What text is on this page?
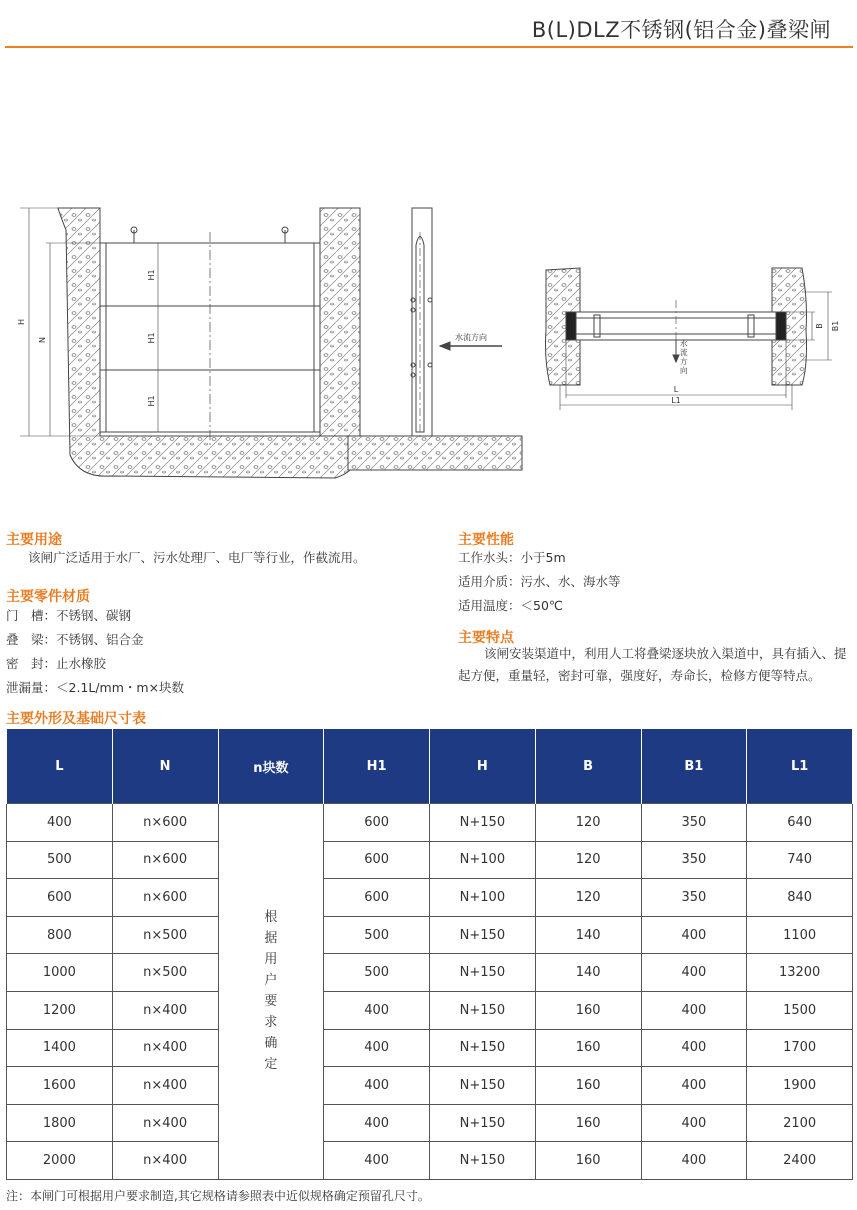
B(L)DLZ不锈钢(铝合金)叠梁闸
H
N
H1
H1
H1
水流方向
水流方向
L
L1
B B1
主要用途
该闸广泛适用于水厂、污水处理厂、电厂等行业，作截流用。
主要零件材质
门　槽：不锈钢、碳钢
叠　梁：不锈钢、铝合金
密　封：止水橡胶
泄漏量：＜2.1L/mm・m×块数
主要性能
工作水头：小于5m
适用介质：污水、水、海水等
适用温度：＜50℃
主要特点
该闸安装渠道中，利用人工将叠梁逐块放入渠道中，具有插入、提起方便，重量轻，密封可靠，强度好，寿命长，检修方便等特点。
主要外形及基础尺寸表
L	N	n块数	H1	H	B	B1	L1
400	n×600	根据用户要求确定	600	N+150	120	350	640
500	n×600		600	N+100	120	350	740
600	n×600		600	N+100	120	350	840
800	n×500		500	N+150	140	400	1100
1000	n×500		500	N+150	140	400	13200
1200	n×400		400	N+150	160	400	1500
1400	n×400		400	N+150	160	400	1700
1600	n×400		400	N+150	160	400	1900
1800	n×400		400	N+150	160	400	2100
2000	n×400		400	N+150	160	400	2400
注：本闸门可根据用户要求制造,其它规格请参照表中近似规格确定预留孔尺寸。
